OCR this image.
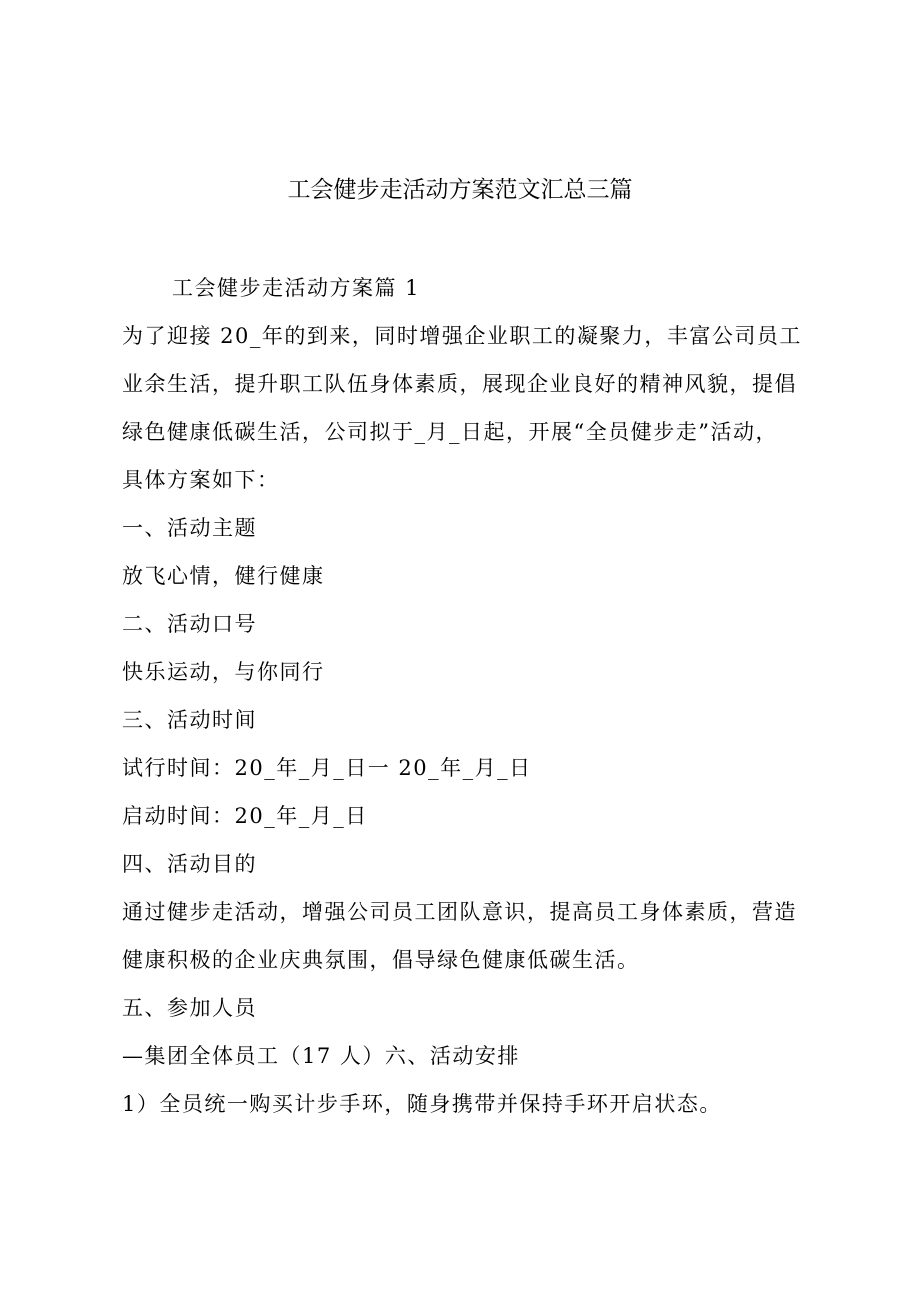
工会健步走活动方案范文汇总三篇
工会健步走活动方案篇 1
为了迎接 20_年的到来，同时增强企业职工的凝聚力，丰富公司员工
业余生活，提升职工队伍身体素质，展现企业良好的精神风貌，提倡
绿色健康低碳生活，公司拟于_月_日起，开展“全员健步走”活动，
具体方案如下：
一、活动主题
放飞心情，健行健康
二、活动口号
快乐运动，与你同行
三、活动时间
试行时间：20_年_月_日一 20_年_月_日
启动时间：20_年_月_日
四、活动目的
通过健步走活动，增强公司员工团队意识，提高员工身体素质，营造
健康积极的企业庆典氛围，倡导绿色健康低碳生活。
五、参加人员
—集团全体员工（17 人）六、活动安排
1）全员统一购买计步手环，随身携带并保持手环开启状态。
